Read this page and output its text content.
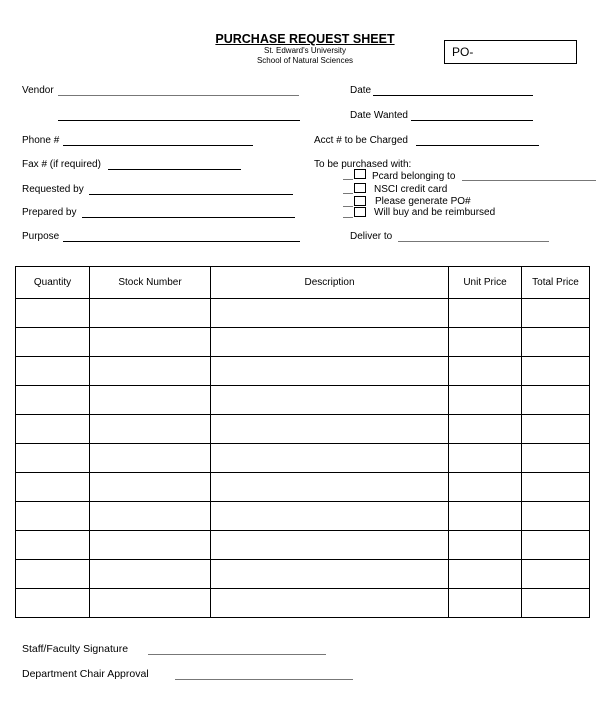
PURCHASE REQUEST SHEET
St. Edward's University
School of Natural Sciences
PO-
Vendor
Phone #
Fax # (if required)
Requested by
Prepared by
Purpose
Date
Date Wanted
Acct # to be Charged
To be purchased with:
Pcard belonging to
NSCI credit card
Please generate PO#
Will buy and be reimbursed
Deliver to
Quantity	Stock Number	Description	Unit Price	Total Price

Staff/Faculty Signature
Department Chair Approval
